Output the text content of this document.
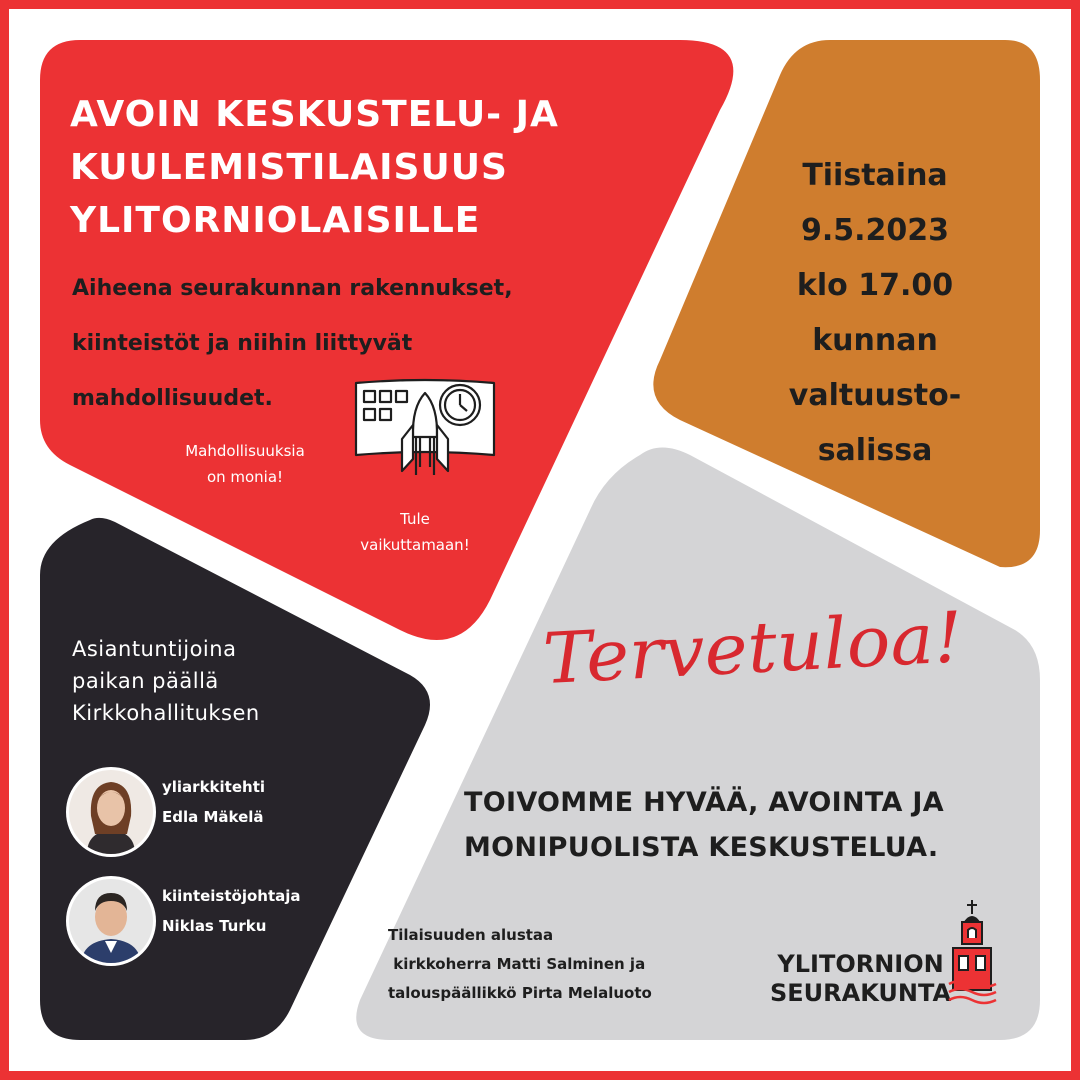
AVOIN KESKUSTELU- JA
KUULEMISTILAISUUS
YLITORNIOLAISILLE

Aiheena seurakunnan rakennukset,
kiinteistöt ja niihin liittyvät
mahdollisuudet.

Mahdollisuuksia
on monia!

Tule
vaikuttamaan!

Tiistaina
9.5.2023
klo 17.00
kunnan
valtuusto-
salissa

Asiantuntijoina
paikan päällä
Kirkkohallituksen

yliarkkitehti
Edla Mäkelä

kiinteistöjohtaja
Niklas Turku

Tervetuloa!

TOIVOMME HYVÄÄ, AVOINTA JA
MONIPUOLISTA KESKUSTELUA.

Tilaisuuden alustaa
kirkkoherra Matti Salminen ja
talouspäällikkö Pirta Melaluoto

YLITORNION
SEURAKUNTA
